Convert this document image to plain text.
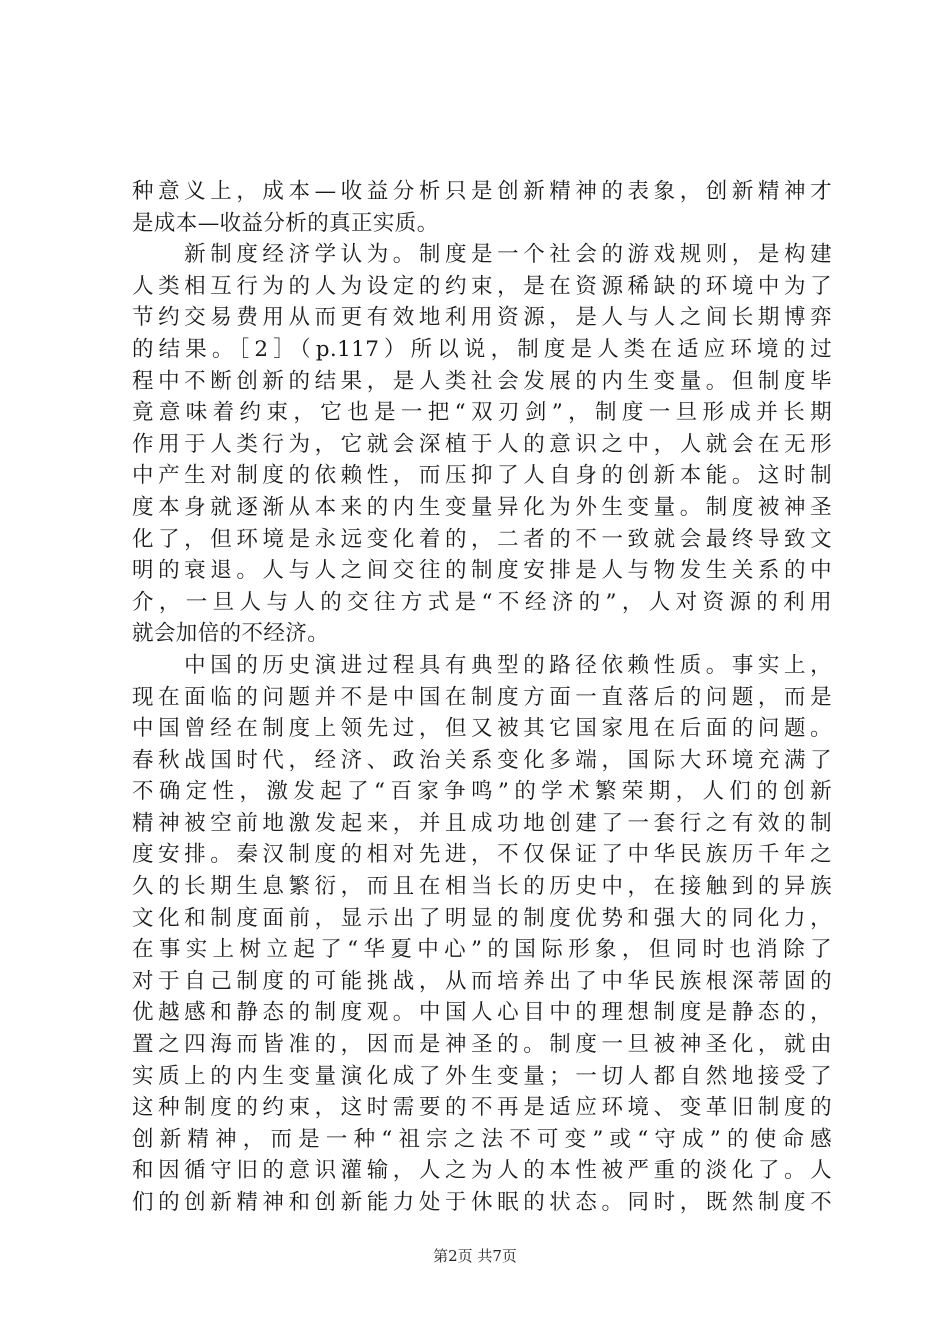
种意义上，成本—收益分析只是创新精神的表象，创新精神才
是成本—收益分析的真正实质。
　　新制度经济学认为。制度是一个社会的游戏规则，是构建
人类相互行为的人为设定的约束，是在资源稀缺的环境中为了
节约交易费用从而更有效地利用资源，是人与人之间长期博弈
的结果。［2］（p.117）所以说，制度是人类在适应环境的过
程中不断创新的结果，是人类社会发展的内生变量。但制度毕
竟意味着约束，它也是一把“双刃剑”，制度一旦形成并长期
作用于人类行为，它就会深植于人的意识之中，人就会在无形
中产生对制度的依赖性，而压抑了人自身的创新本能。这时制
度本身就逐渐从本来的内生变量异化为外生变量。制度被神圣
化了，但环境是永远变化着的，二者的不一致就会最终导致文
明的衰退。人与人之间交往的制度安排是人与物发生关系的中
介，一旦人与人的交往方式是“不经济的”，人对资源的利用
就会加倍的不经济。
　　中国的历史演进过程具有典型的路径依赖性质。事实上，
现在面临的问题并不是中国在制度方面一直落后的问题，而是
中国曾经在制度上领先过，但又被其它国家甩在后面的问题。
春秋战国时代，经济、政治关系变化多端，国际大环境充满了
不确定性，激发起了“百家争鸣”的学术繁荣期，人们的创新
精神被空前地激发起来，并且成功地创建了一套行之有效的制
度安排。秦汉制度的相对先进，不仅保证了中华民族历千年之
久的长期生息繁衍，而且在相当长的历史中，在接触到的异族
文化和制度面前，显示出了明显的制度优势和强大的同化力，
在事实上树立起了“华夏中心”的国际形象，但同时也消除了
对于自己制度的可能挑战，从而培养出了中华民族根深蒂固的
优越感和静态的制度观。中国人心目中的理想制度是静态的，
置之四海而皆准的，因而是神圣的。制度一旦被神圣化，就由
实质上的内生变量演化成了外生变量；一切人都自然地接受了
这种制度的约束，这时需要的不再是适应环境、变革旧制度的
创新精神，而是一种“祖宗之法不可变”或“守成”的使命感
和因循守旧的意识灌输，人之为人的本性被严重的淡化了。人
们的创新精神和创新能力处于休眠的状态。同时，既然制度不
第2页 共7页
